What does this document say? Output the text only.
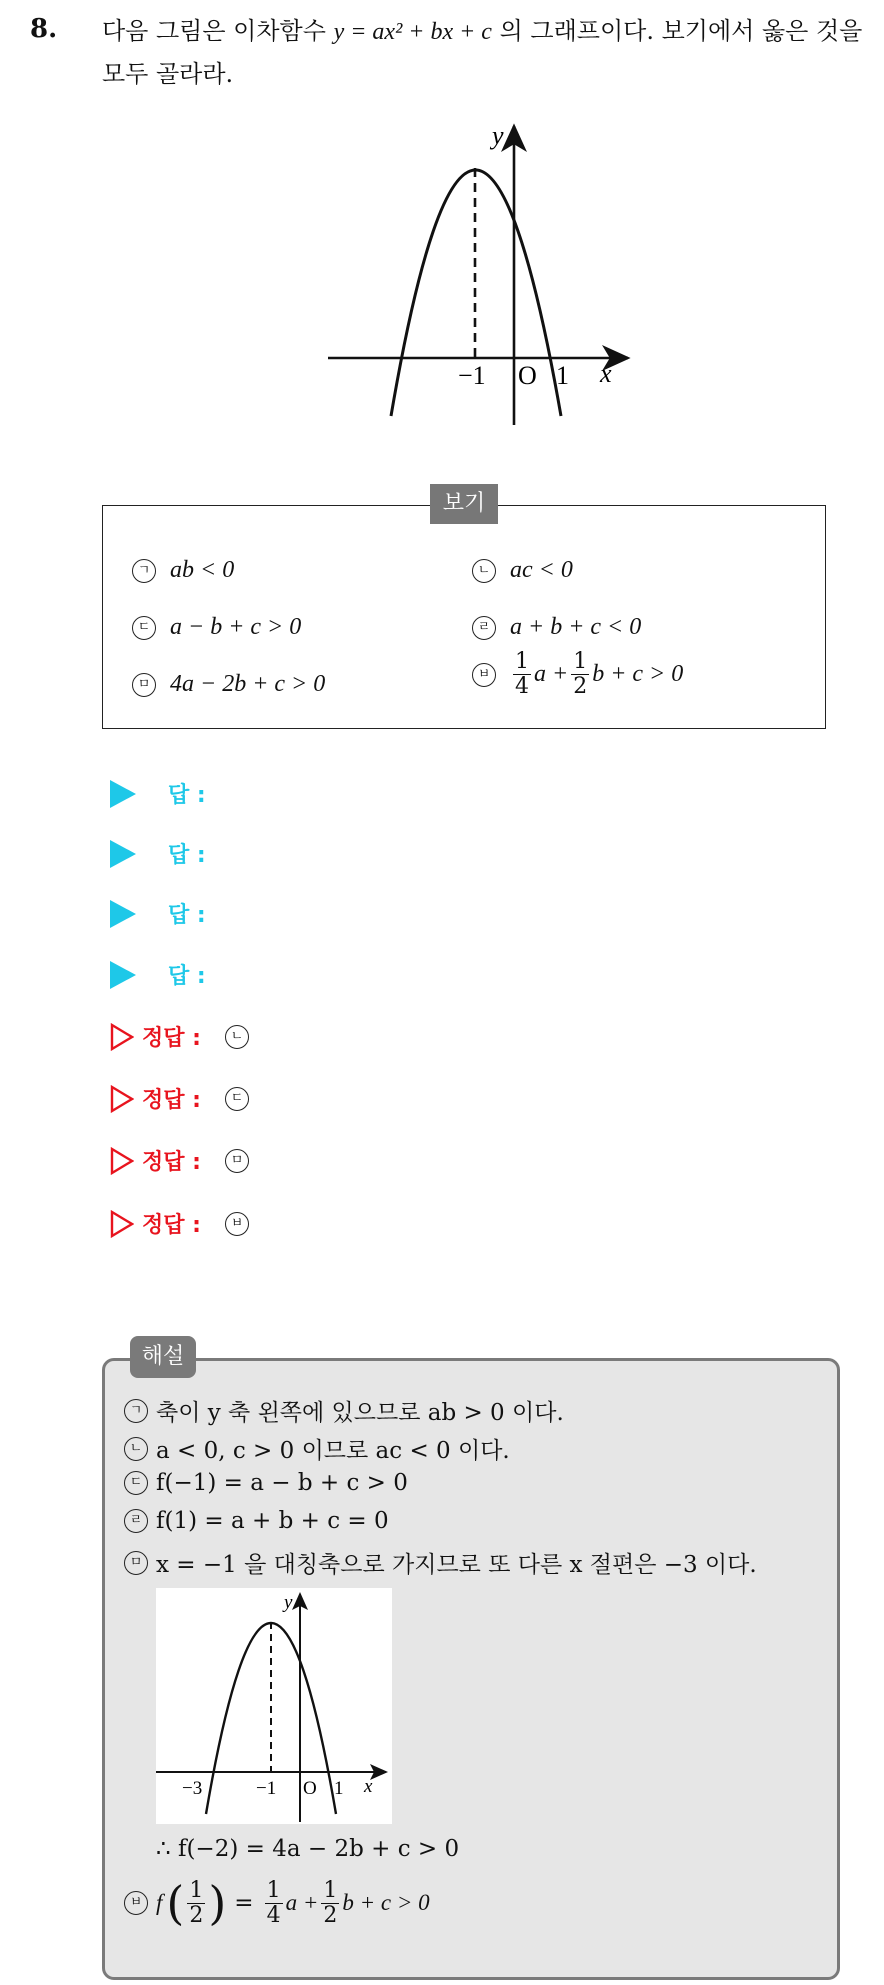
8. 다음 그림은 이차함수 y = ax² + bx + c 의 그래프이다. 보기에서 옳은 것을 모두 골라라.
y
x
O
−1	1
보기
ㄱ ab < 0	ㄴ ac < 0
ㄷ a − b + c > 0	ㄹ a + b + c < 0
ㅁ 4a − 2b + c > 0	ㅂ $\frac{1}{4}$ $a + \frac{1}{2}$ b + c > 0
답 :
답 :
답 :
답 :
정답 :	ㄴ
정답 :	ㄷ
정답 :	ㅁ
정답 :	ㅂ
해설
ㄱ 축이 y 축 왼쪽에 있으므로 ab > 0 이다.
ㄴ a < 0, c > 0 이므로 ac < 0 이다.
ㄷ f(−1) = a − b + c > 0
ㄹ f(1) = a + b + c = 0
ㅁ x = −1 을 대칭축으로 가지므로 또 다른 x 절편은 −3 이다.
y
x
O
−3	−1	1
∴ f(−2) = 4a − 2b + c > 0
ㅂ f ( $\frac{1}{2}$ ) = $\frac{1}{4}$ $a + \frac{1}{2}$ b + c > 0
